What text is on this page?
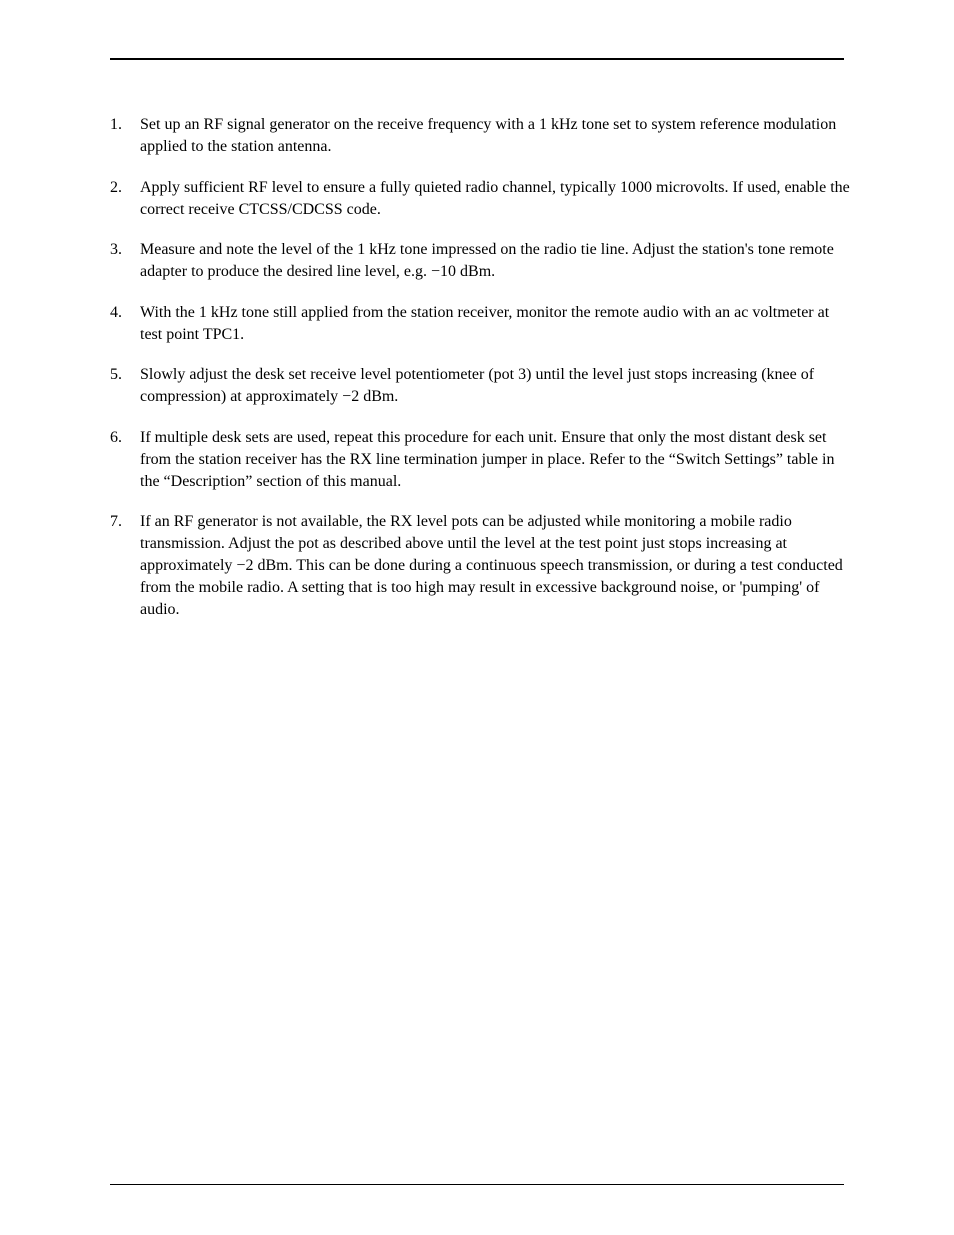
1.	Set up an RF signal generator on the receive frequency with a 1 kHz tone set to system reference modulation applied to the station antenna.
2.	Apply sufficient RF level to ensure a fully quieted radio channel, typically 1000 microvolts. If used, enable the correct receive CTCSS/CDCSS code.
3.	Measure and note the level of the 1 kHz tone impressed on the radio tie line. Adjust the station's tone remote adapter to produce the desired line level, e.g. −10 dBm.
4.	With the 1 kHz tone still applied from the station receiver, monitor the remote audio with an ac voltmeter at test point TPC1.
5.	Slowly adjust the desk set receive level potentiometer (pot 3) until the level just stops increasing (knee of compression) at approximately −2 dBm.
6.	If multiple desk sets are used, repeat this procedure for each unit. Ensure that only the most distant desk set from the station receiver has the RX line termination jumper in place. Refer to the “Switch Settings” table in the “Description” section of this manual.
7.	If an RF generator is not available, the RX level pots can be adjusted while monitoring a mobile radio transmission. Adjust the pot as described above until the level at the test point just stops increasing at approximately −2 dBm. This can be done during a continuous speech transmission, or during a test conducted from the mobile radio. A setting that is too high may result in excessive background noise, or 'pumping' of audio.
